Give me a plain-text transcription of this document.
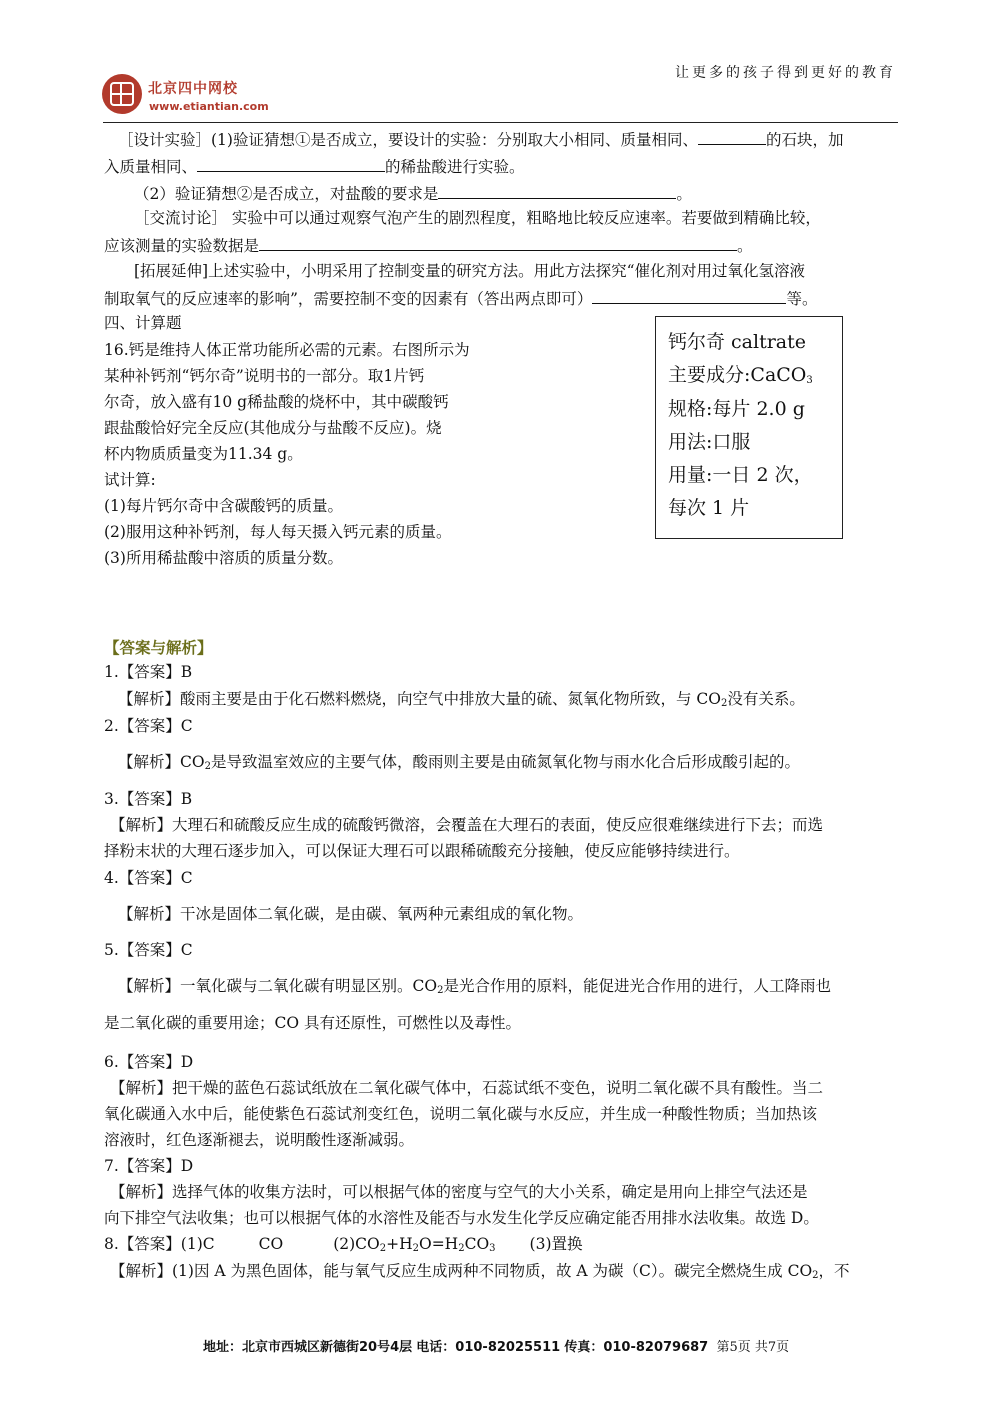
北京四中网校
www.etiantian.com
让更多的孩子得到更好的教育
［设计实验］(1)验证猜想①是否成立，要设计的实验：分别取大小相同、质量相同、	的石块，加
入质量相同、	的稀盐酸进行实验。
（2）验证猜想②是否成立，对盐酸的要求是	。
［交流讨论］ 实验中可以通过观察气泡产生的剧烈程度，粗略地比较反应速率。若要做到精确比较，
应该测量的实验数据是	。
[拓展延伸]上述实验中，小明采用了控制变量的研究方法。用此方法探究“催化剂对用过氧化氢溶液
制取氧气的反应速率的影响”，需要控制不变的因素有（答出两点即可）	等。
四、计算题
16.钙是维持人体正常功能所必需的元素。右图所示为
某种补钙剂“钙尔奇”说明书的一部分。取1片钙
尔奇，放入盛有10 g稀盐酸的烧杯中，其中碳酸钙
跟盐酸恰好完全反应(其他成分与盐酸不反应)。烧
杯内物质质量变为11.34 g。
试计算:
(1)每片钙尔奇中含碳酸钙的质量。
(2)服用这种补钙剂，每人每天摄入钙元素的质量。
(3)所用稀盐酸中溶质的质量分数。
钙尔奇 caltrate
主要成分:CaCO$_3$
规格:每片 2.0 g
用法:口服
用量:一日 2 次，
每次 1 片
【答案与解析】
1.【答案】B
【解析】酸雨主要是由于化石燃料燃烧，向空气中排放大量的硫、氮氧化物所致，与 $CO_2$没有关系。
2.【答案】C
【解析】$CO_2$是导致温室效应的主要气体，酸雨则主要是由硫氮氧化物与雨水化合后形成酸引起的。
3.【答案】B
【解析】大理石和硫酸反应生成的硫酸钙微溶，会覆盖在大理石的表面，使反应很难继续进行下去；而选
择粉末状的大理石逐步加入，可以保证大理石可以跟稀硫酸充分接触，使反应能够持续进行。
4.【答案】C
【解析】干冰是固体二氧化碳，是由碳、氧两种元素组成的氧化物。
5.【答案】C
【解析】一氧化碳与二氧化碳有明显区别。$CO_2$是光合作用的原料，能促进光合作用的进行，人工降雨也
是二氧化碳的重要用途；CO 具有还原性，可燃性以及毒性。
6.【答案】D
【解析】把干燥的蓝色石蕊试纸放在二氧化碳气体中，石蕊试纸不变色，说明二氧化碳不具有酸性。当二
氧化碳通入水中后，能使紫色石蕊试剂变红色，说明二氧化碳与水反应，并生成一种酸性物质；当加热该
溶液时，红色逐渐褪去，说明酸性逐渐减弱。
7.【答案】D
【解析】选择气体的收集方法时，可以根据气体的密度与空气的大小关系，确定是用向上排空气法还是
向下排空气法收集；也可以根据气体的水溶性及能否与水发生化学反应确定能否用排水法收集。故选 D。
8.【答案】(1)C	CO	$(2)CO_2+H_2O=H_2CO_3$ (3)置换
【解析】(1)因 A 为黑色固体，能与氧气反应生成两种不同物质，故 A 为碳（C）。碳完全燃烧生成 $CO_2$，不
地址：北京市西城区新德街20号4层 电话：010-82025511 传真：010-82079687 第5页 共7页
